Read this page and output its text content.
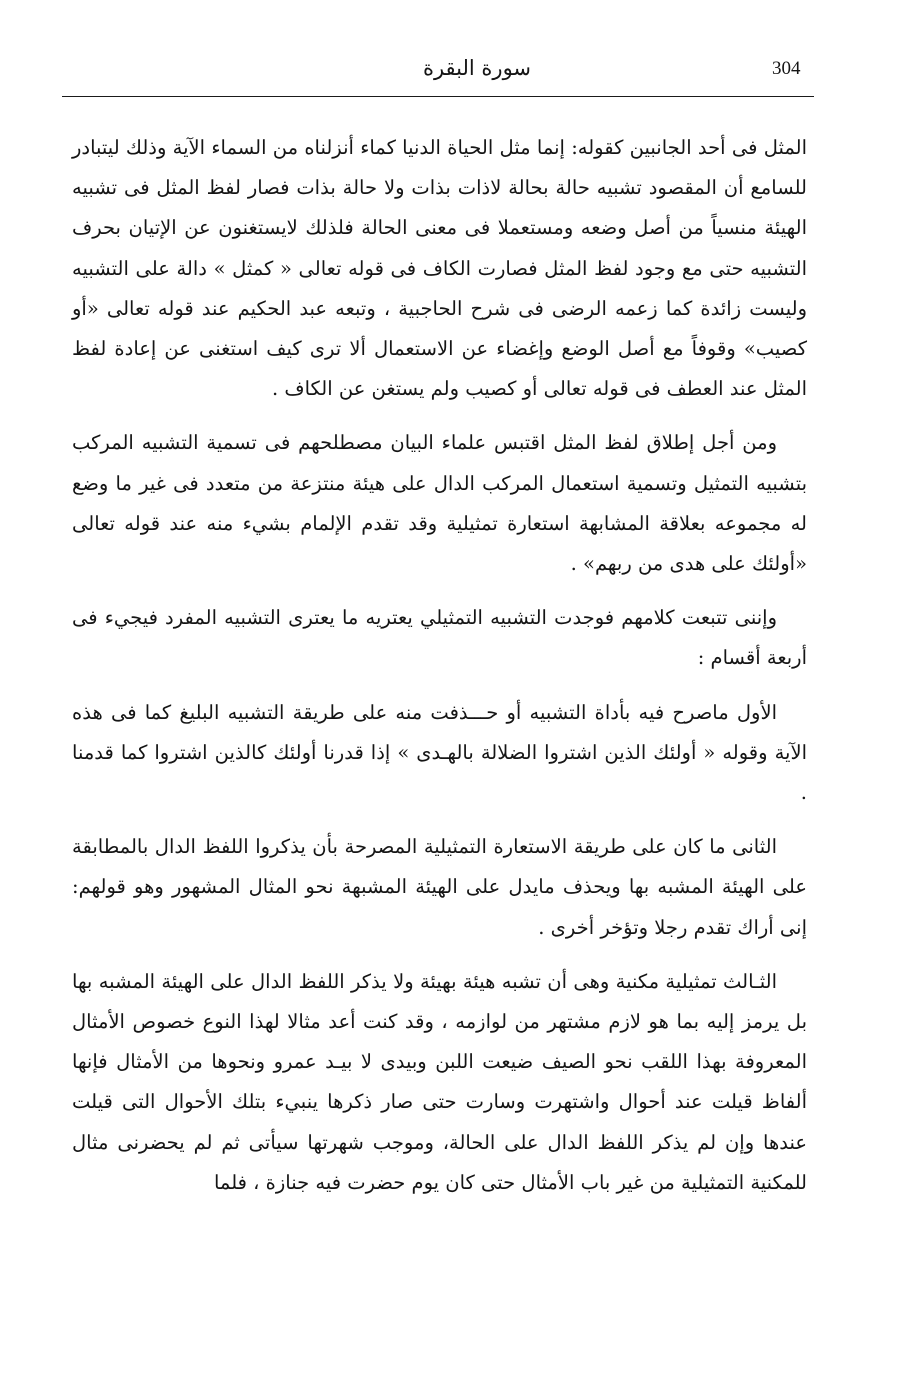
304
سورة البقرة

المثل فى أحد الجانبين كقوله: إنما مثل الحياة الدنيا كماء أنزلناه من السماء الآية وذلك ليتبادر للسامع أن المقصود تشبيه حالة بحالة لاذات بذات ولا حالة بذات فصار لفظ المثل فى تشبيه الهيئة منسياً من أصل وضعه ومستعملا فى معنى الحالة فلذلك لايستغنون عن الإتيان بحرف التشبيه حتى مع وجود لفظ المثل فصارت الكاف فى قوله تعالى « كمثل » دالة على التشبيه وليست زائدة كما زعمه الرضى فى شرح الحاجبية ، وتبعه عبد الحكيم عند قوله تعالى «أو كصيب» وقوفاً مع أصل الوضع وإغضاء عن الاستعمال ألا ترى كيف استغنى عن إعادة لفظ المثل عند العطف فى قوله تعالى أو كصيب ولم يستغن عن الكاف .

ومن أجل إطلاق لفظ المثل اقتبس علماء البيان مصطلحهم فى تسمية التشبيه المركب بتشبيه التمثيل وتسمية استعمال المركب الدال على هيئة منتزعة من متعدد فى غير ما وضع له مجموعه بعلاقة المشابهة استعارة تمثيلية وقد تقدم الإلمام بشيء منه عند قوله تعالى «أولئك على هدى من ربهم» .

وإننى تتبعت كلامهم فوجدت التشبيه التمثيلي يعتريه ما يعترى التشبيه المفرد فيجيء فى أربعة أقسام :

الأول ماصرح فيه بأداة التشبيه أو حـــذفت منه على طريقة التشبيه البليغ كما فى هذه الآية وقوله « أولئك الذين اشتروا الضلالة بالهـدى » إذا قدرنا أولئك كالذين اشتروا كما قدمنا .

الثانى ما كان على طريقة الاستعارة التمثيلية المصرحة بأن يذكروا اللفظ الدال بالمطابقة على الهيئة المشبه بها ويحذف مايدل على الهيئة المشبهة نحو المثال المشهور وهو قولهم: إنى أراك تقدم رجلا وتؤخر أخرى .

الثـالث تمثيلية مكنية وهى أن تشبه هيئة بهيئة ولا يذكر اللفظ الدال على الهيئة المشبه بها بل يرمز إليه بما هو لازم مشتهر من لوازمه ، وقد كنت أعد مثالا لهذا النوع خصوص الأمثال المعروفة بهذا اللقب نحو الصيف ضيعت اللبن وبيدى لا بيـد عمرو ونحوها من الأمثال فإنها ألفاظ قيلت عند أحوال واشتهرت وسارت حتى صار ذكرها ينبيء بتلك الأحوال التى قيلت عندها وإن لم يذكر اللفظ الدال على الحالة، وموجب شهرتها سيأتى ثم لم يحضرنى مثال للمكنية التمثيلية من غير باب الأمثال حتى كان يوم حضرت فيه جنازة ، فلما
